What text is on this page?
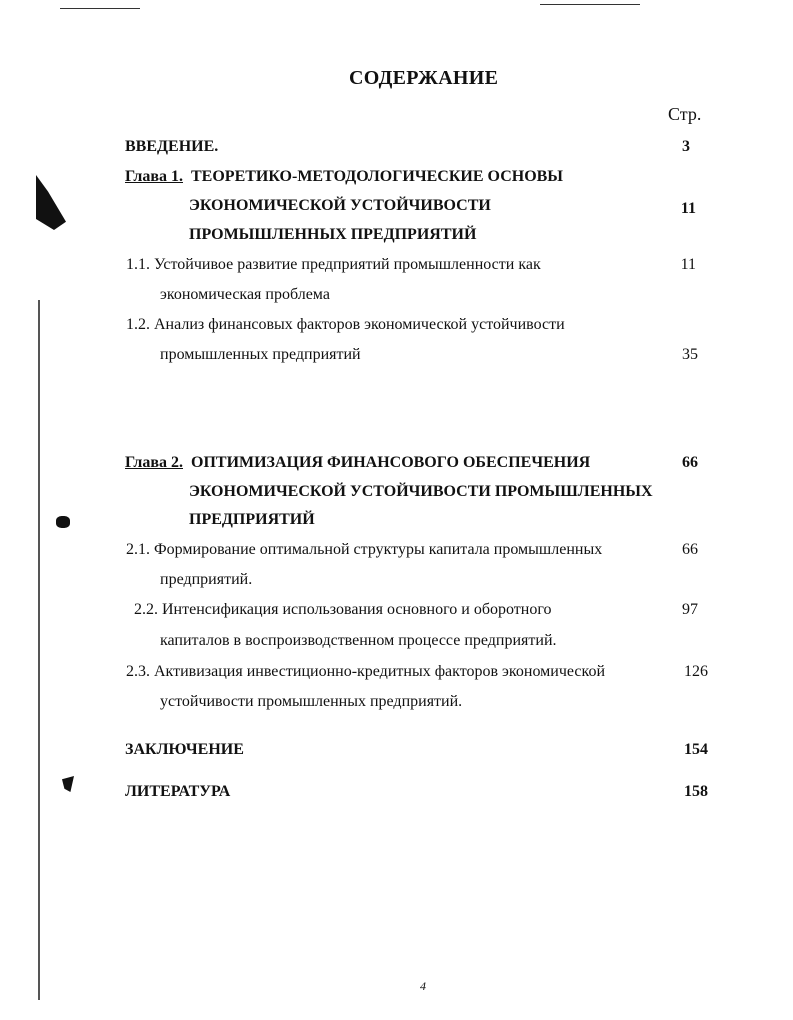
СОДЕРЖАНИЕ
Стр.
ВВЕДЕНИЕ.	3
Глава 1. ТЕОРЕТИКО-МЕТОДОЛОГИЧЕСКИЕ ОСНОВЫ
ЭКОНОМИЧЕСКОЙ УСТОЙЧИВОСТИ	11
ПРОМЫШЛЕННЫХ ПРЕДПРИЯТИЙ
1.1. Устойчивое развитие предприятий промышленности как	11
экономическая проблема
1.2. Анализ финансовых факторов экономической устойчивости
промышленных предприятий	35
Глава 2. ОПТИМИЗАЦИЯ ФИНАНСОВОГО ОБЕСПЕЧЕНИЯ	66
ЭКОНОМИЧЕСКОЙ УСТОЙЧИВОСТИ ПРОМЫШЛЕННЫХ
ПРЕДПРИЯТИЙ
2.1. Формирование оптимальной структуры капитала промышленных	66
предприятий.
2.2. Интенсификация использования основного и оборотного	97
капиталов в воспроизводственном процессе предприятий.
2.3. Активизация инвестиционно-кредитных факторов экономической	126
устойчивости промышленных предприятий.
ЗАКЛЮЧЕНИЕ	154
ЛИТЕРАТУРА	158
4
